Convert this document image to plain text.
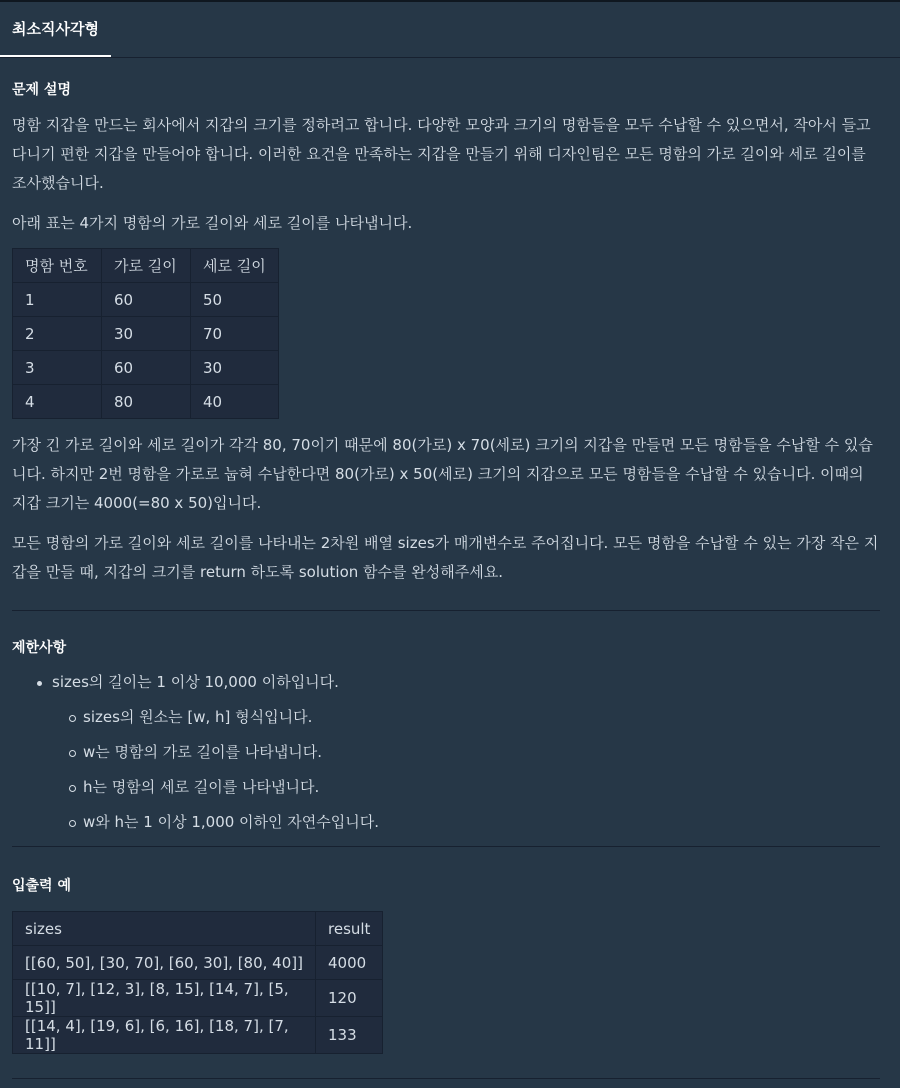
최소직사각형
문제 설명

명함 지갑을 만드는 회사에서 지갑의 크기를 정하려고 합니다. 다양한 모양과 크기의 명함들을 모두 수납할 수 있으면서, 작아서 들고 다니기 편한 지갑을 만들어야 합니다. 이러한 요건을 만족하는 지갑을 만들기 위해 디자인팀은 모든 명함의 가로 길이와 세로 길이를 조사했습니다.

아래 표는 4가지 명함의 가로 길이와 세로 길이를 나타냅니다.

명함 번호	가로 길이	세로 길이
1	60	50
2	30	70
3	60	30
4	80	40

가장 긴 가로 길이와 세로 길이가 각각 80, 70이기 때문에 80(가로) x 70(세로) 크기의 지갑을 만들면 모든 명함들을 수납할 수 있습니다. 하지만 2번 명함을 가로로 눕혀 수납한다면 80(가로) x 50(세로) 크기의 지갑으로 모든 명함들을 수납할 수 있습니다. 이때의 지갑 크기는 4000(=80 x 50)입니다.

모든 명함의 가로 길이와 세로 길이를 나타내는 2차원 배열 sizes가 매개변수로 주어집니다. 모든 명함을 수납할 수 있는 가장 작은 지갑을 만들 때, 지갑의 크기를 return 하도록 solution 함수를 완성해주세요.

제한사항
sizes의 길이는 1 이상 10,000 이하입니다.
sizes의 원소는 [w, h] 형식입니다.
w는 명함의 가로 길이를 나타냅니다.
h는 명함의 세로 길이를 나타냅니다.
w와 h는 1 이상 1,000 이하인 자연수입니다.
입출력 예
sizes	result
[[60, 50], [30, 70], [60, 30], [80, 40]]	4000
[[10, 7], [12, 3], [8, 15], [14, 7], [5, 15]]	120
[[14, 4], [19, 6], [6, 16], [18, 7], [7, 11]]	133
